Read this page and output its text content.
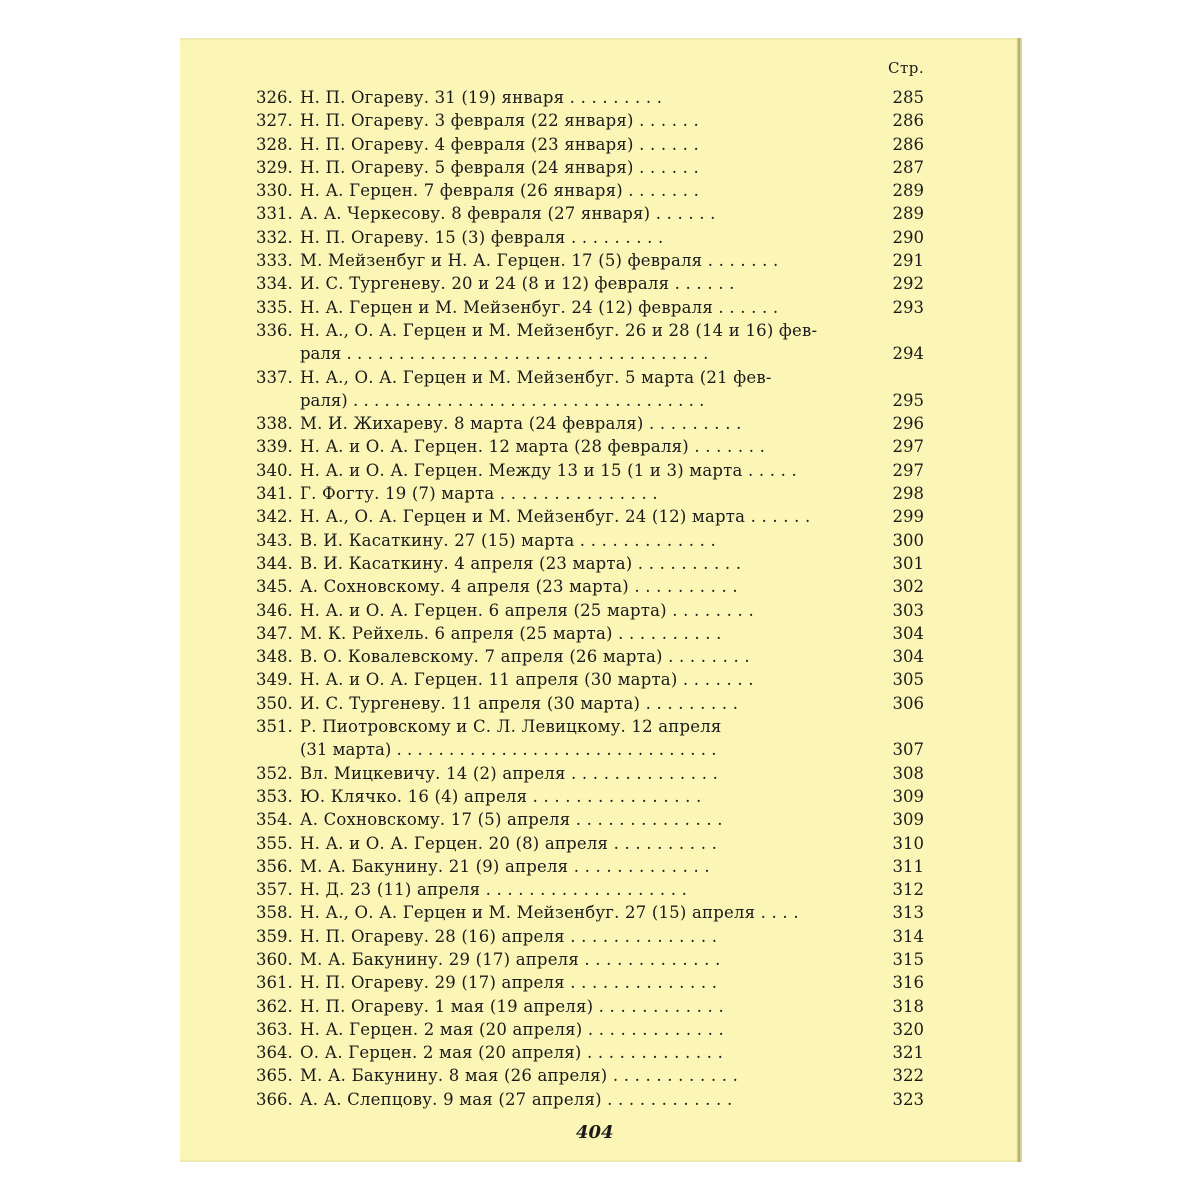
Стр.
326. Н. П. Огареву. 31 (19) января . . . . . . . . .	285
327. Н. П. Огареву. 3 февраля (22 января) . . . . . .	286
328. Н. П. Огареву. 4 февраля (23 января) . . . . . .	286
329. Н. П. Огареву. 5 февраля (24 января) . . . . . .	287
330. Н. А. Герцен. 7 февраля (26 января) . . . . . . .	289
331. А. А. Черкесову. 8 февраля (27 января) . . . . . .	289
332. Н. П. Огареву. 15 (3) февраля . . . . . . . . .	290
333. М. Мейзенбуг и Н. А. Герцен. 17 (5) февраля . . . . . . .	291
334. И. С. Тургеневу. 20 и 24 (8 и 12) февраля . . . . . .	292
335. Н. А. Герцен и М. Мейзенбуг. 24 (12) февраля . . . . . .	293
336. Н. А., О. А. Герцен и М. Мейзенбуг. 26 и 28 (14 и 16) фев-
раля . . . . . . . . . . . . . . . . . . . . . . . . . . . . . . . . . . .	294
337. Н. А., О. А. Герцен и М. Мейзенбуг. 5 марта (21 фев-
раля) . . . . . . . . . . . . . . . . . . . . . . . . . . . . . . . . . .	295
338. М. И. Жихареву. 8 марта (24 февраля) . . . . . . . . .	296
339. Н. А. и О. А. Герцен. 12 марта (28 февраля) . . . . . . .	297
340. Н. А. и О. А. Герцен. Между 13 и 15 (1 и 3) марта . . . . .	297
341. Г. Фогту. 19 (7) марта . . . . . . . . . . . . . . .	298
342. Н. А., О. А. Герцен и М. Мейзенбуг. 24 (12) марта . . . . . .	299
343. В. И. Касаткину. 27 (15) марта . . . . . . . . . . . . .	300
344. В. И. Касаткину. 4 апреля (23 марта) . . . . . . . . . .	301
345. А. Сохновскому. 4 апреля (23 марта) . . . . . . . . . .	302
346. Н. А. и О. А. Герцен. 6 апреля (25 марта) . . . . . . . .	303
347. М. К. Рейхель. 6 апреля (25 марта) . . . . . . . . . .	304
348. В. О. Ковалевскому. 7 апреля (26 марта) . . . . . . . .	304
349. Н. А. и О. А. Герцен. 11 апреля (30 марта) . . . . . . .	305
350. И. С. Тургеневу. 11 апреля (30 марта) . . . . . . . . .	306
351. Р. Пиотровскому и С. Л. Левицкому. 12 апреля
(31 марта) . . . . . . . . . . . . . . . . . . . . . . . . . . . . . . .	307
352. Вл. Мицкевичу. 14 (2) апреля . . . . . . . . . . . . . .	308
353. Ю. Клячко. 16 (4) апреля . . . . . . . . . . . . . . . .	309
354. А. Сохновскому. 17 (5) апреля . . . . . . . . . . . . . .	309
355. Н. А. и О. А. Герцен. 20 (8) апреля . . . . . . . . . .	310
356. М. А. Бакунину. 21 (9) апреля . . . . . . . . . . . . .	311
357. Н. Д. 23 (11) апреля . . . . . . . . . . . . . . . . . . .	312
358. Н. А., О. А. Герцен и М. Мейзенбуг. 27 (15) апреля . . . .	313
359. Н. П. Огареву. 28 (16) апреля . . . . . . . . . . . . . .	314
360. М. А. Бакунину. 29 (17) апреля . . . . . . . . . . . . .	315
361. Н. П. Огареву. 29 (17) апреля . . . . . . . . . . . . . .	316
362. Н. П. Огареву. 1 мая (19 апреля) . . . . . . . . . . . .	318
363. Н. А. Герцен. 2 мая (20 апреля) . . . . . . . . . . . . .	320
364. О. А. Герцен. 2 мая (20 апреля) . . . . . . . . . . . . .	321
365. М. А. Бакунину. 8 мая (26 апреля) . . . . . . . . . . . .	322
366. А. А. Слепцову. 9 мая (27 апреля) . . . . . . . . . . . .	323
404
